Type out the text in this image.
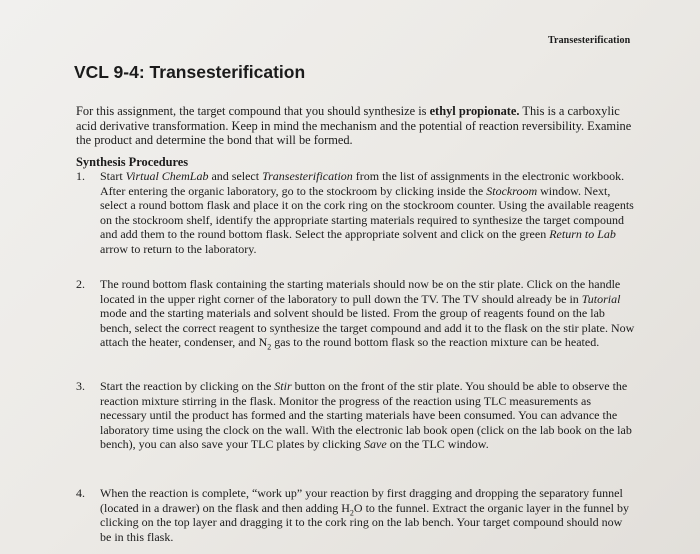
Transesterification
VCL 9-4: Transesterification

For this assignment, the target compound that you should synthesize is ethyl propionate. This is a carboxylic acid derivative transformation. Keep in mind the mechanism and the potential of reaction reversibility. Examine the product and determine the bond that will be formed.

Synthesis Procedures
1.	Start Virtual ChemLab and select Transesterification from the list of assignments in the electronic workbook. After entering the organic laboratory, go to the stockroom by clicking inside the Stockroom window. Next, select a round bottom flask and place it on the cork ring on the stockroom counter. Using the available reagents on the stockroom shelf, identify the appropriate starting materials required to synthesize the target compound and add them to the round bottom flask. Select the appropriate solvent and click on the green Return to Lab arrow to return to the laboratory.

2.	The round bottom flask containing the starting materials should now be on the stir plate. Click on the handle located in the upper right corner of the laboratory to pull down the TV. The TV should already be in Tutorial mode and the starting materials and solvent should be listed. From the group of reagents found on the lab bench, select the correct reagent to synthesize the target compound and add it to the flask on the stir plate. Now attach the heater, condenser, and $N_2$ gas to the round bottom flask so the reaction mixture can be heated.

3.	Start the reaction by clicking on the Stir button on the front of the stir plate. You should be able to observe the reaction mixture stirring in the flask. Monitor the progress of the reaction using TLC measurements as necessary until the product has formed and the starting materials have been consumed. You can advance the laboratory time using the clock on the wall. With the electronic lab book open (click on the lab book on the lab bench), you can also save your TLC plates by clicking Save on the TLC window.

4.	When the reaction is complete, “work up” your reaction by first dragging and dropping the separatory funnel (located in a drawer) on the flask and then adding $H_2O$ to the funnel. Extract the organic layer in the funnel by clicking on the top layer and dragging it to the cork ring on the lab bench. Your target compound should now be in this flask.
